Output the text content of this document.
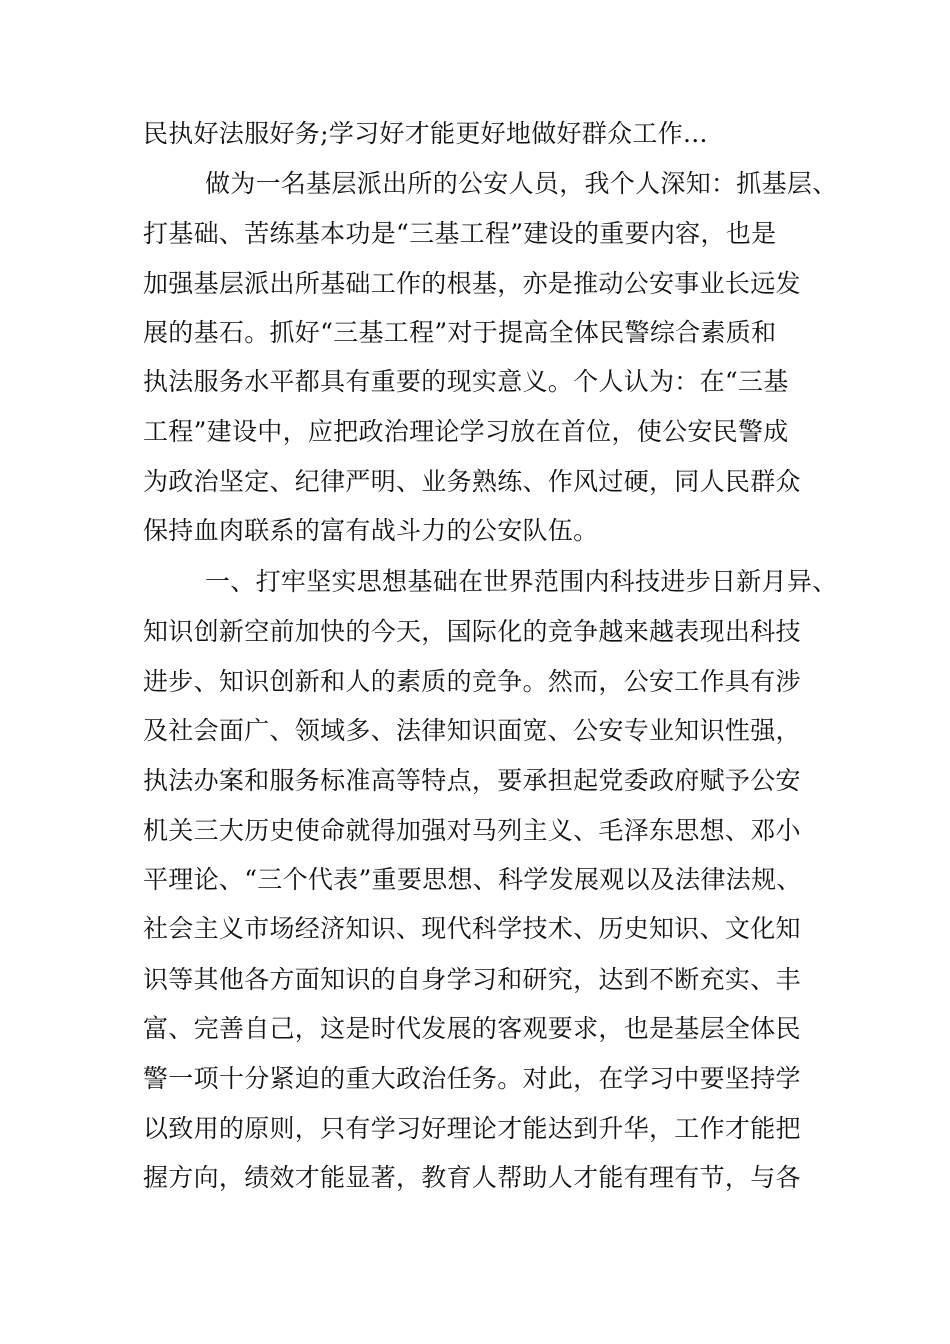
民执好法服好务;学习好才能更好地做好群众工作...
做为一名基层派出所的公安人员，我个人深知：抓基层、
打基础、苦练基本功是“三基工程”建设的重要内容，也是
加强基层派出所基础工作的根基，亦是推动公安事业长远发
展的基石。抓好“三基工程”对于提高全体民警综合素质和
执法服务水平都具有重要的现实意义。个人认为：在“三基
工程”建设中，应把政治理论学习放在首位，使公安民警成
为政治坚定、纪律严明、业务熟练、作风过硬，同人民群众
保持血肉联系的富有战斗力的公安队伍。
一、打牢坚实思想基础在世界范围内科技进步日新月异、
知识创新空前加快的今天，国际化的竞争越来越表现出科技
进步、知识创新和人的素质的竞争。然而，公安工作具有涉
及社会面广、领域多、法律知识面宽、公安专业知识性强，
执法办案和服务标准高等特点，要承担起党委政府赋予公安
机关三大历史使命就得加强对马列主义、毛泽东思想、邓小
平理论、“三个代表”重要思想、科学发展观以及法律法规、
社会主义市场经济知识、现代科学技术、历史知识、文化知
识等其他各方面知识的自身学习和研究，达到不断充实、丰
富、完善自己，这是时代发展的客观要求，也是基层全体民
警一项十分紧迫的重大政治任务。对此，在学习中要坚持学
以致用的原则，只有学习好理论才能达到升华，工作才能把
握方向，绩效才能显著，教育人帮助人才能有理有节，与各
